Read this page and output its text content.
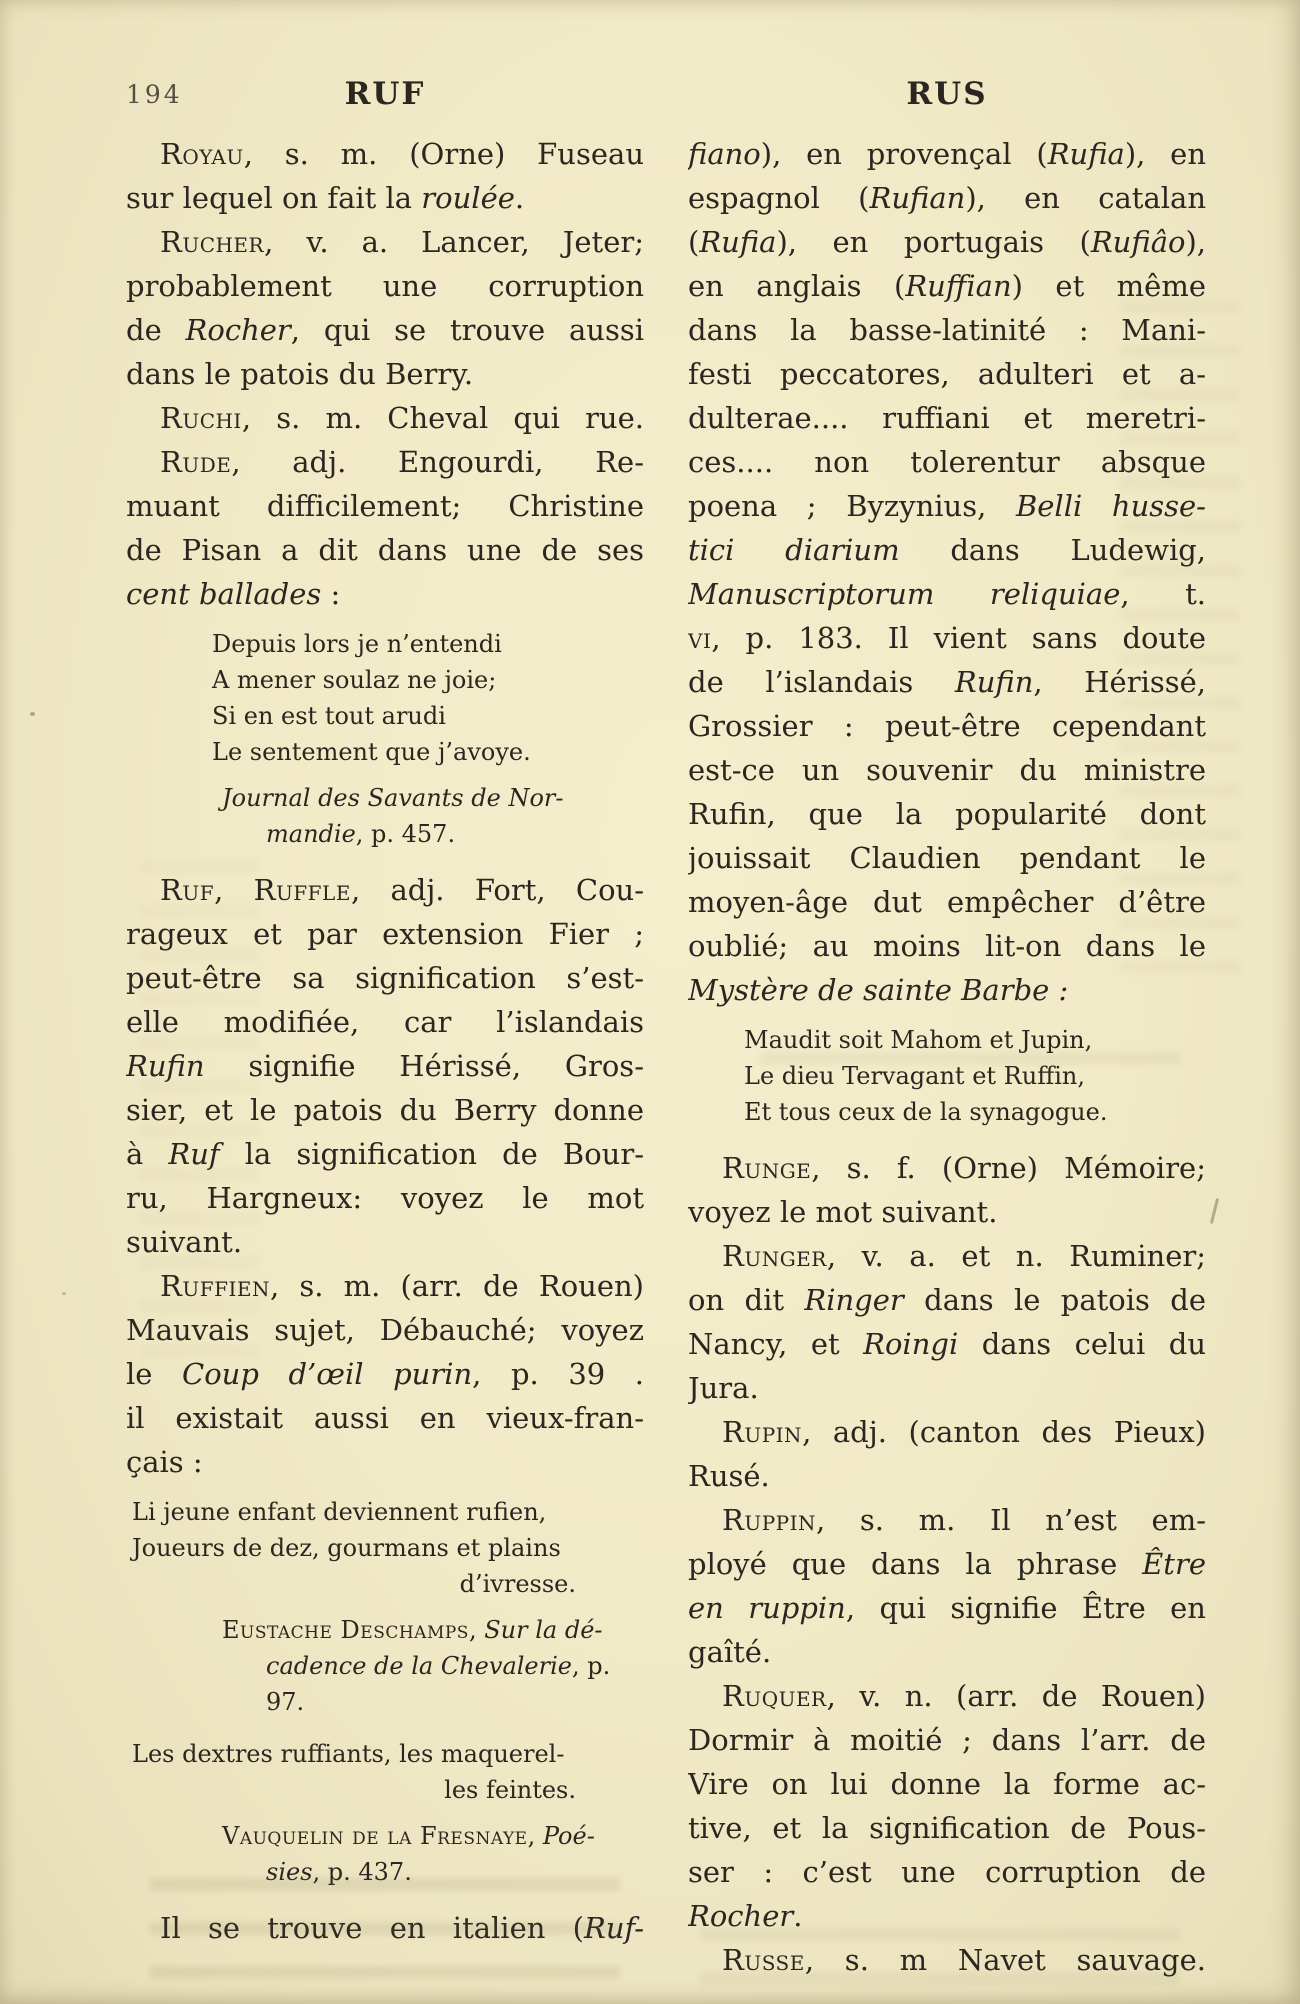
194	RUF	RUS
Royau, s. m. (Orne) Fuseau
sur lequel on fait la roulée.
Rucher, v. a. Lancer, Jeter;
probablement une corruption
de Rocher, qui se trouve aussi
dans le patois du Berry.
Ruchi, s. m. Cheval qui rue.
Rude, adj. Engourdi, Re-
muant difficilement; Christine
de Pisan a dit dans une de ses
cent ballades :
Depuis lors je n’entendi
A mener soulaz ne joie;
Si en est tout arudi
Le sentement que j’avoye.
Journal des Savants de Nor-
mandie, p. 457.
Ruf, Ruffle, adj. Fort, Cou-
rageux et par extension Fier ;
peut-être sa signification s’est-
elle modifiée, car l’islandais
Rufin signifie Hérissé, Gros-
sier, et le patois du Berry donne
à Ruf la signification de Bour-
ru, Hargneux: voyez le mot
suivant.
Ruffien, s. m. (arr. de Rouen)
Mauvais sujet, Débauché; voyez
le Coup d’œil purin, p. 39 .
il existait aussi en vieux-fran-
çais :
Li jeune enfant deviennent rufien,
Joueurs de dez, gourmans et plains
d’ivresse.
Eustache Deschamps, Sur la dé-
cadence de la Chevalerie, p.
97.
Les dextres ruffiants, les maquerel-
les feintes.
Vauquelin de la Fresnaye, Poé-
sies, p. 437.
Il se trouve en italien (Ruf-
fiano), en provençal (Rufia), en
espagnol (Rufian), en catalan
(Rufia), en portugais (Rufiâo),
en anglais (Ruffian) et même
dans la basse-latinité : Mani-
festi peccatores, adulteri et a-
dulterae.... ruffiani et meretri-
ces.... non tolerentur absque
poena ; Byzynius, Belli husse-
tici diarium dans Ludewig,
Manuscriptorum reliquiae, t.
vi, p. 183. Il vient sans doute
de l’islandais Rufin, Hérissé,
Grossier : peut-être cependant
est-ce un souvenir du ministre
Rufin, que la popularité dont
jouissait Claudien pendant le
moyen-âge dut empêcher d’être
oublié; au moins lit-on dans le
Mystère de sainte Barbe :
Maudit soit Mahom et Jupin,
Le dieu Tervagant et Ruffin,
Et tous ceux de la synagogue.
Runge, s. f. (Orne) Mémoire;
voyez le mot suivant.
Runger, v. a. et n. Ruminer;
on dit Ringer dans le patois de
Nancy, et Roingi dans celui du
Jura.
Rupin, adj. (canton des Pieux)
Rusé.
Ruppin, s. m. Il n’est em-
ployé que dans la phrase Être
en ruppin, qui signifie Être en
gaîté.
Ruquer, v. n. (arr. de Rouen)
Dormir à moitié ; dans l’arr. de
Vire on lui donne la forme ac-
tive, et la signification de Pous-
ser : c’est une corruption de
Rocher.
Russe, s. m Navet sauvage.
